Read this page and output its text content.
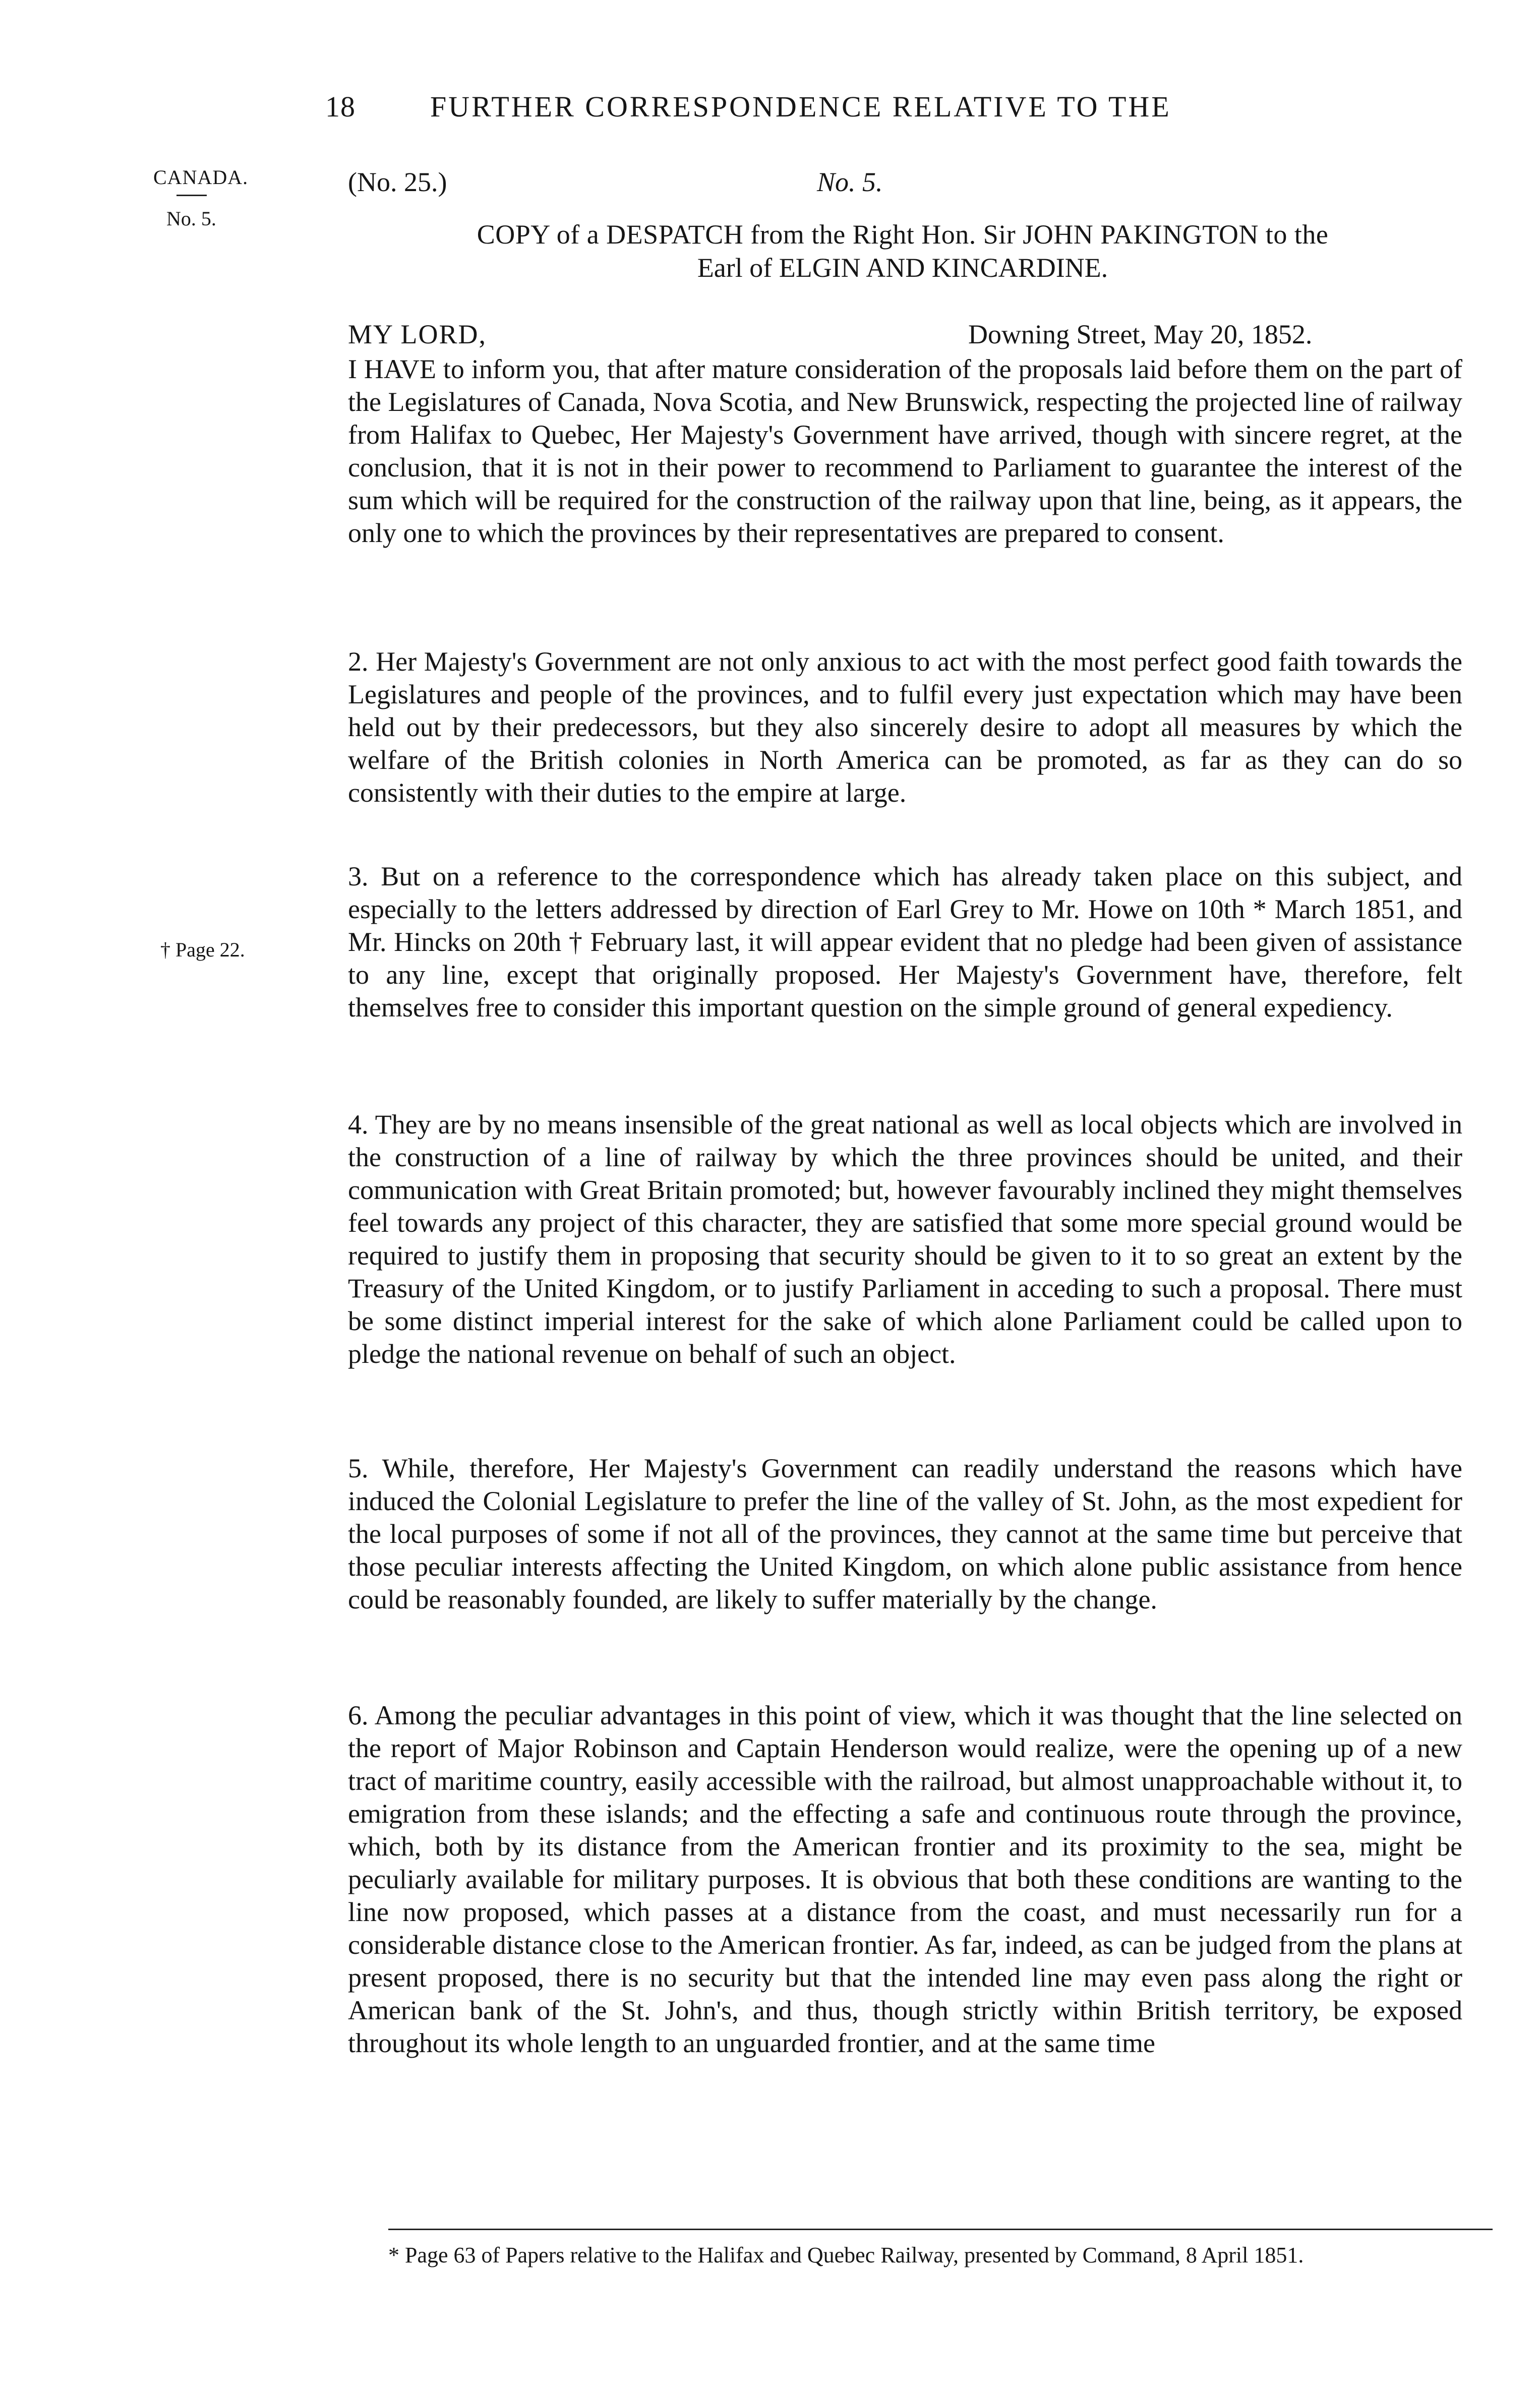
18	FURTHER CORRESPONDENCE RELATIVE TO THE
CANADA.
No. 5.
† Page 22.
(No. 25.)	No. 5.
COPY of a DESPATCH from the Right Hon. Sir JOHN PAKINGTON to the
Earl of ELGIN AND KINCARDINE.
MY LORD,	Downing Street, May 20, 1852.
I HAVE to inform you, that after mature consideration of the proposals laid before them on the part of the Legislatures of Canada, Nova Scotia, and New Brunswick, respecting the projected line of railway from Halifax to Quebec, Her Majesty's Government have arrived, though with sincere regret, at the conclusion, that it is not in their power to recommend to Parliament to guarantee the interest of the sum which will be required for the construction of the railway upon that line, being, as it appears, the only one to which the provinces by their representatives are prepared to consent.
2. Her Majesty's Government are not only anxious to act with the most perfect good faith towards the Legislatures and people of the provinces, and to fulfil every just expectation which may have been held out by their predecessors, but they also sincerely desire to adopt all measures by which the welfare of the British colonies in North America can be promoted, as far as they can do so consistently with their duties to the empire at large.
3. But on a reference to the correspondence which has already taken place on this subject, and especially to the letters addressed by direction of Earl Grey to Mr. Howe on 10th * March 1851, and Mr. Hincks on 20th † February last, it will appear evident that no pledge had been given of assistance to any line, except that originally proposed. Her Majesty's Government have, therefore, felt themselves free to consider this important question on the simple ground of general expediency.
4. They are by no means insensible of the great national as well as local objects which are involved in the construction of a line of railway by which the three provinces should be united, and their communication with Great Britain promoted; but, however favourably inclined they might themselves feel towards any project of this character, they are satisfied that some more special ground would be required to justify them in proposing that security should be given to it to so great an extent by the Treasury of the United Kingdom, or to justify Parliament in acceding to such a proposal. There must be some distinct imperial interest for the sake of which alone Parliament could be called upon to pledge the national revenue on behalf of such an object.
5. While, therefore, Her Majesty's Government can readily understand the reasons which have induced the Colonial Legislature to prefer the line of the valley of St. John, as the most expedient for the local purposes of some if not all of the provinces, they cannot at the same time but perceive that those peculiar interests affecting the United Kingdom, on which alone public assistance from hence could be reasonably founded, are likely to suffer materially by the change.
6. Among the peculiar advantages in this point of view, which it was thought that the line selected on the report of Major Robinson and Captain Henderson would realize, were the opening up of a new tract of maritime country, easily accessible with the railroad, but almost unapproachable without it, to emigration from these islands; and the effecting a safe and continuous route through the province, which, both by its distance from the American frontier and its proximity to the sea, might be peculiarly available for military purposes. It is obvious that both these conditions are wanting to the line now proposed, which passes at a distance from the coast, and must necessarily run for a considerable distance close to the American frontier. As far, indeed, as can be judged from the plans at present proposed, there is no security but that the intended line may even pass along the right or American bank of the St. John's, and thus, though strictly within British territory, be exposed throughout its whole length to an unguarded frontier, and at the same time
* Page 63 of Papers relative to the Halifax and Quebec Railway, presented by Command, 8 April 1851.
